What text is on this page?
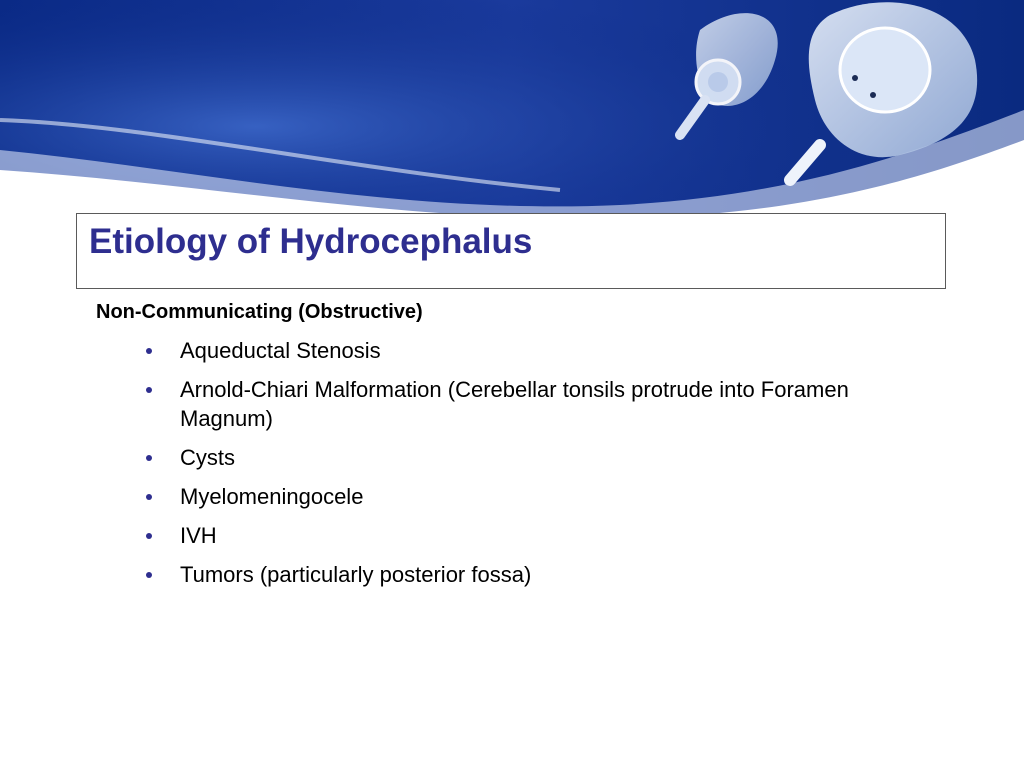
Etiology of Hydrocephalus

Non-Communicating (Obstructive)

Aqueductal Stenosis
Arnold-Chiari Malformation (Cerebellar tonsils protrude into Foramen Magnum)
Cysts
Myelomeningocele
IVH
Tumors (particularly posterior fossa)
